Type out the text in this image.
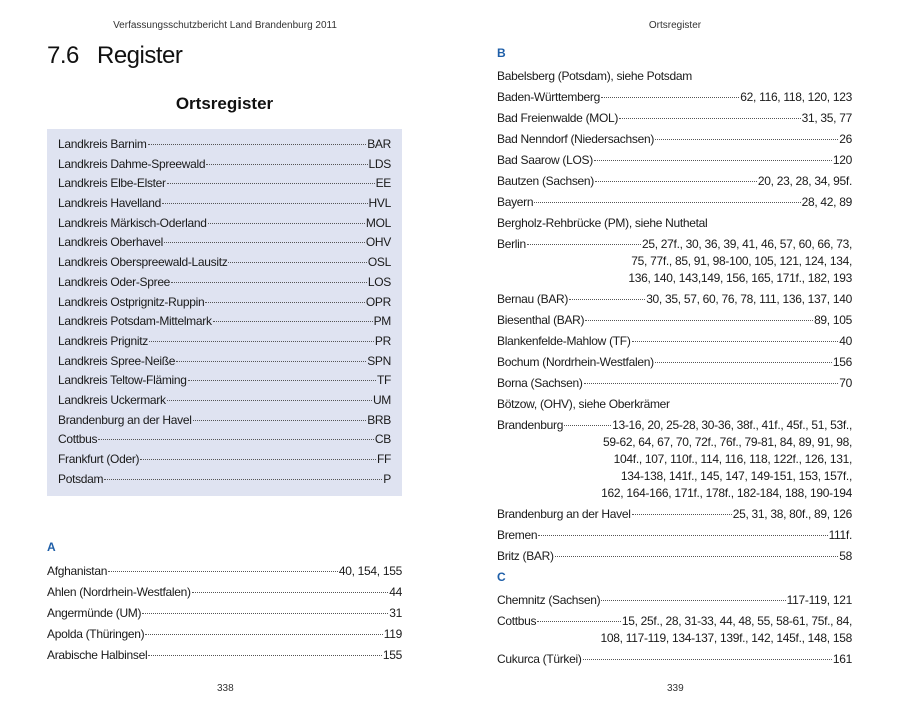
Verfassungsschutzbericht Land Brandenburg 2011
7.6 Register
Ortsregister
Landkreis Barnim	BAR
Landkreis Dahme-Spreewald	LDS
Landkreis Elbe-Elster	EE
Landkreis Havelland	HVL
Landkreis Märkisch-Oderland	MOL
Landkreis Oberhavel	OHV
Landkreis Oberspreewald-Lausitz	OSL
Landkreis Oder-Spree	LOS
Landkreis Ostprignitz-Ruppin	OPR
Landkreis Potsdam-Mittelmark	PM
Landkreis Prignitz	PR
Landkreis Spree-Neiße	SPN
Landkreis Teltow-Fläming	TF
Landkreis Uckermark	UM
Brandenburg an der Havel	BRB
Cottbus	CB
Frankfurt (Oder)	FF
Potsdam	P
A
Afghanistan	40, 154, 155
Ahlen (Nordrhein-Westfalen)	44
Angermünde (UM)	31
Apolda (Thüringen)	119
Arabische Halbinsel	155
338
Ortsregister
B
Babelsberg (Potsdam), siehe Potsdam
Baden-Württemberg	62, 116, 118, 120, 123
Bad Freienwalde (MOL)	31, 35, 77
Bad Nenndorf (Niedersachsen)	26
Bad Saarow (LOS)	120
Bautzen (Sachsen)	20, 23, 28, 34, 95f.
Bayern	28, 42, 89
Bergholz-Rehbrücke (PM), siehe Nuthetal
Berlin	25, 27f., 30, 36, 39, 41, 46, 57, 60, 66, 73,
75, 77f., 85, 91, 98-100, 105, 121, 124, 134,
136, 140, 143,149, 156, 165, 171f., 182, 193
Bernau (BAR)	30, 35, 57, 60, 76, 78, 111, 136, 137, 140
Biesenthal (BAR)	89, 105
Blankenfelde-Mahlow (TF)	40
Bochum (Nordrhein-Westfalen)	156
Borna (Sachsen)	70
Bötzow, (OHV), siehe Oberkrämer
Brandenburg	13-16, 20, 25-28, 30-36, 38f., 41f., 45f., 51, 53f.,
59-62, 64, 67, 70, 72f., 76f., 79-81, 84, 89, 91, 98,
104f., 107, 110f., 114, 116, 118, 122f., 126, 131,
134-138, 141f., 145, 147, 149-151, 153, 157f.,
162, 164-166, 171f., 178f., 182-184, 188, 190-194
Brandenburg an der Havel	25, 31, 38, 80f., 89, 126
Bremen	111f.
Britz (BAR)	58
C
Chemnitz (Sachsen)	117-119, 121
Cottbus	15, 25f., 28, 31-33, 44, 48, 55, 58-61, 75f., 84,
108, 117-119, 134-137, 139f., 142, 145f., 148, 158
Cukurca (Türkei)	161
339
